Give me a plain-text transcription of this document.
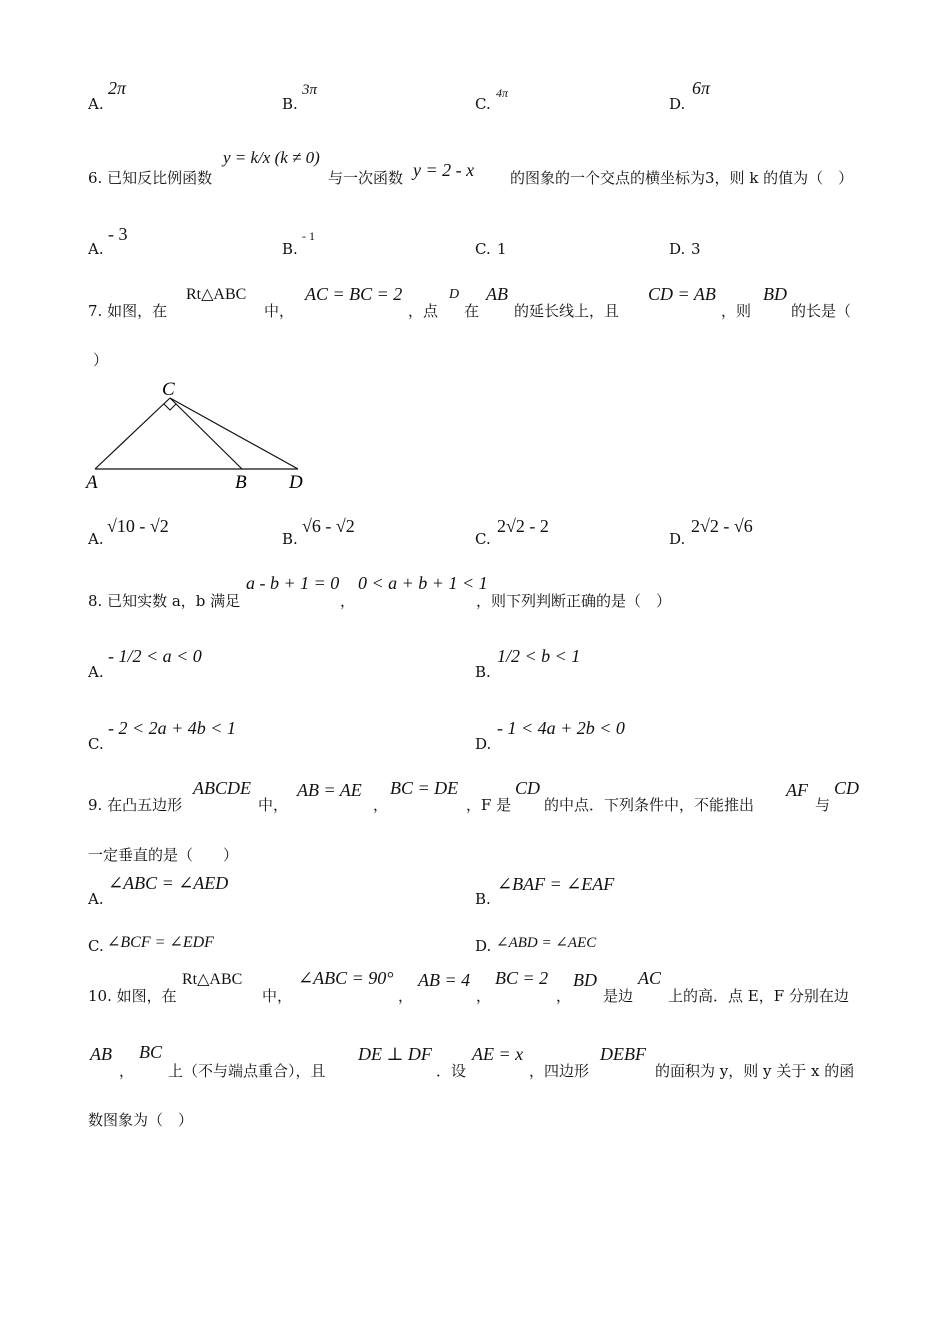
A.
2π
B.
3π
C.
4π
D.
6π
6. 已知反比例函数
y = k/x (k ≠ 0)
与一次函数 y = 2 - x 的图象的一个交点的横坐标为3，则 k 的值为（　）
A.
- 3
B.
- 1
C. 1	D. 3
7. 如图，在
Rt△ABC
中，
AC = BC = 2
，点
D
在
AB
的延长线上，且
CD = AB
，则
BD
的长是（
）
C
A	B D
A.
√10 - √2
B.
√6 - √2
C.
2√2 - 2
D.
2√2 - √6
8. 已知实数 a，b 满足
a - b + 1 = 0
，
0 < a + b + 1 < 1
，则下列判断正确的是（　）
A.
- 1/2 < a < 0
B.
1/2 < b < 1
C.
- 2 < 2a + 4b < 1
D.
- 1 < 4a + 2b < 0
9. 在凸五边形
ABCDE
中，
AB = AE
，
BC = DE
，F 是
CD
的中点．下列条件中，不能推出
AF
与
CD
一定垂直的是（　　）
A.
∠ABC = ∠AED
B.
∠BAF = ∠EAF
C. ∠BCF = ∠EDF	D. ∠ABD = ∠AEC
10. 如图，在
Rt△ABC
中，
∠ABC = 90°
，
AB = 4
，
BC = 2
，
BD
是边
AC
上的高．点 E，F 分别在边
AB
，
BC
上（不与端点重合），且
DE ⊥ DF
．设
AE = x
，四边形
DEBF
的面积为 y，则 y 关于 x 的函
数图象为（　）
